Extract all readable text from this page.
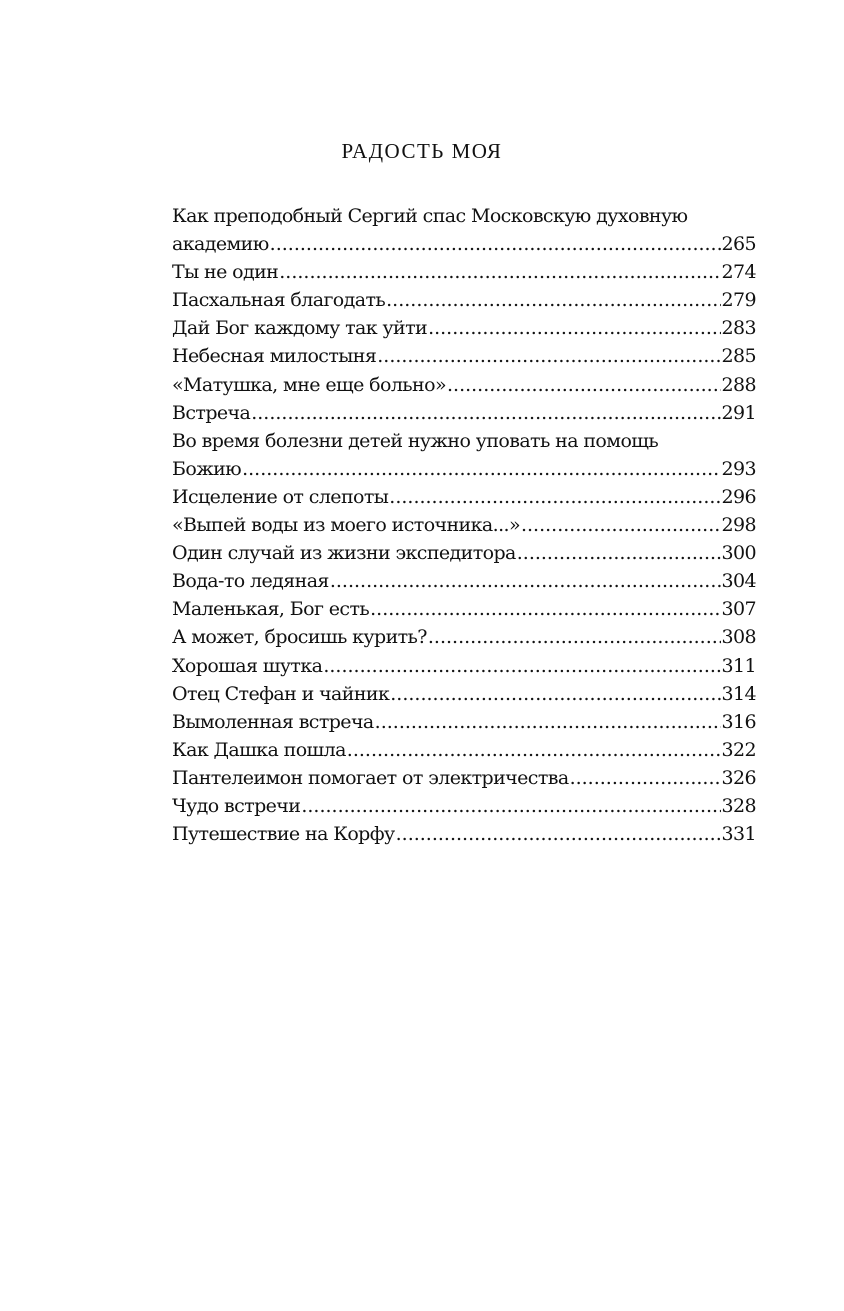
РАДОСТЬ МОЯ
Как преподобный Сергий спас Московскую духовную
академию .....	265
Ты не один .....	274
Пасхальная благодать .....	279
Дай Бог каждому так уйти .....	283
Небесная милостыня .....	285
«Матушка, мне еще больно» .....	288
Встреча .....	291
Во время болезни детей нужно уповать на помощь
Божию .....	293
Исцеление от слепоты .....	296
«Выпей воды из моего источника...» .....	298
Один случай из жизни экспедитора .....	300
Вода-то ледяная .....	304
Маленькая, Бог есть .....	307
А может, бросишь курить? .....	308
Хорошая шутка .....	311
Отец Стефан и чайник .....	314
Вымоленная встреча .....	316
Как Дашка пошла .....	322
Пантелеимон помогает от электричества .....	326
Чудо встречи .....	328
Путешествие на Корфу .....	331
